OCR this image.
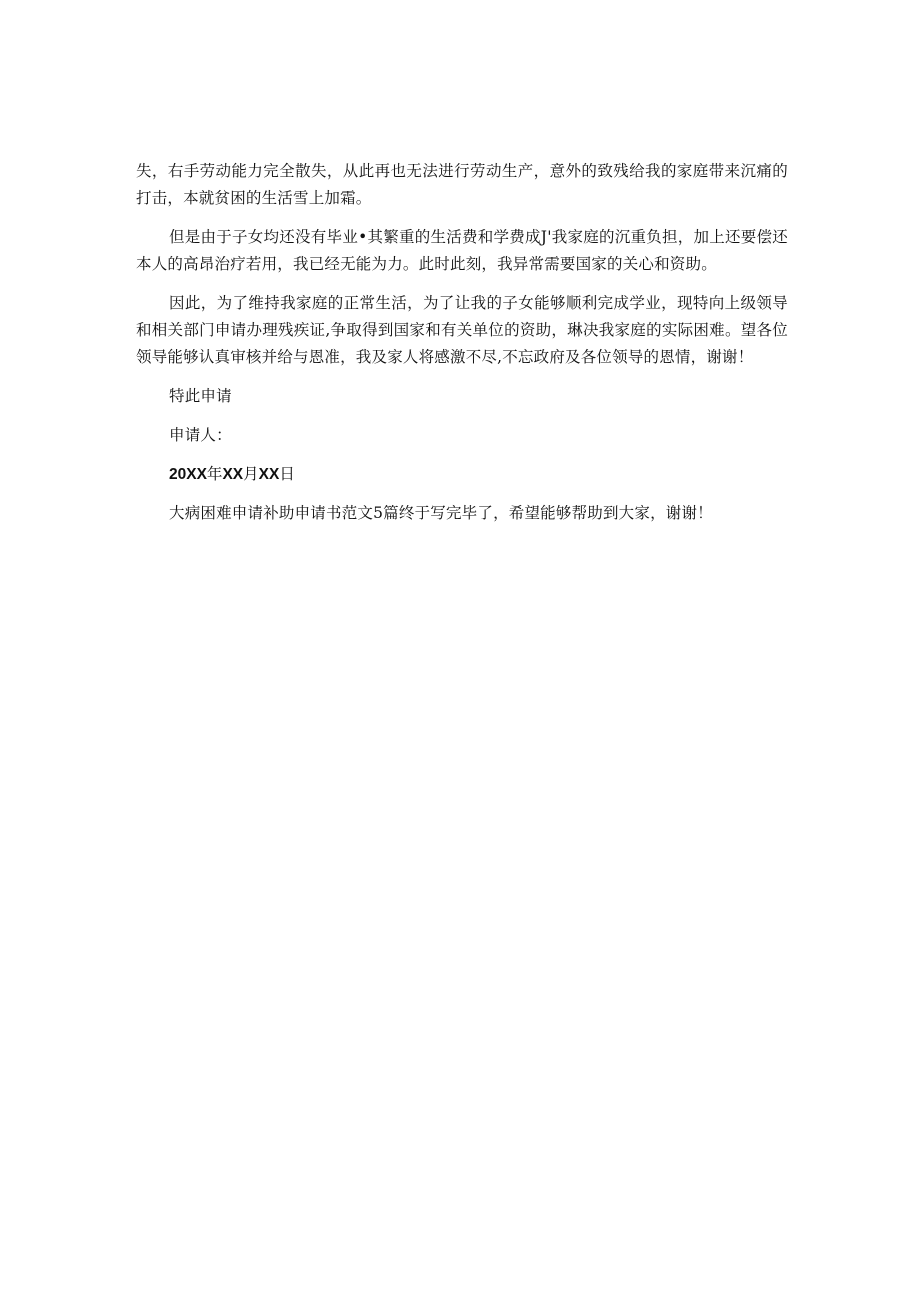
失，右手劳动能力完全散失，从此再也无法进行劳动生产，意外的致残给我的家庭带来沉痛的打击，本就贫困的生活雪上加霜。

但是由于子女均还没有毕业•其繁重的生活费和学费成J'我家庭的沉重负担，加上还要偿还本人的高昂治疗若用，我已经无能为力。此时此刻，我异常需要国家的关心和资助。

因此，为了维持我家庭的正常生活，为了让我的子女能够顺利完成学业，现特向上级领导和相关部门申请办理残疾证,争取得到国家和有关单位的资助，琳决我家庭的实际困难。望各位领导能够认真审核并给与恩准，我及家人将感激不尽,不忘政府及各位领导的恩情，谢谢！

特此申请

申请人：

20XX年XX月XX日

大病困难申请补助申请书范文5篇终于写完毕了，希望能够帮助到大家，谢谢！
